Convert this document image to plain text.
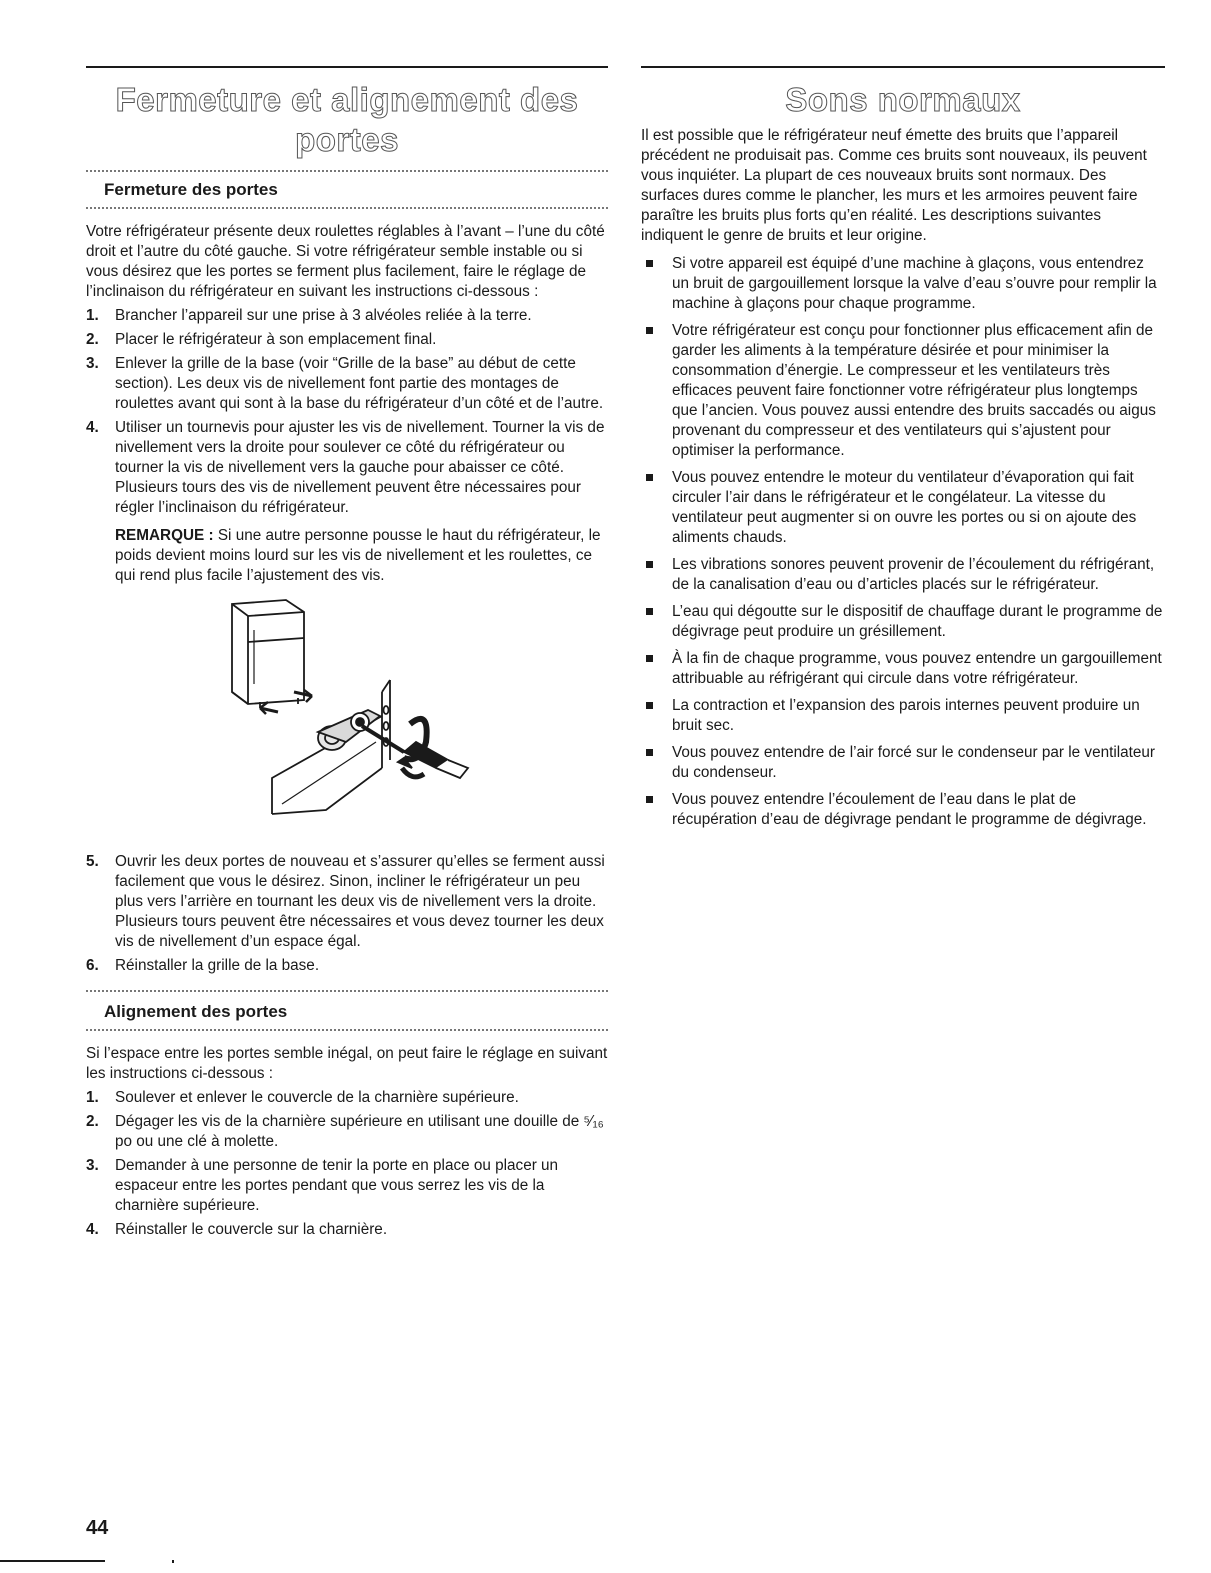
Fermeture et alignement des portes
Fermeture des portes

Votre réfrigérateur présente deux roulettes réglables à l’avant – l’une du côté droit et l’autre du côté gauche. Si votre réfrigérateur semble instable ou si vous désirez que les portes se ferment plus facilement, faire le réglage de l’inclinaison du réfrigérateur en suivant les instructions ci-dessous :

1. Brancher l’appareil sur une prise à 3 alvéoles reliée à la terre.
2. Placer le réfrigérateur à son emplacement final.
3. Enlever la grille de la base (voir “Grille de la base” au début de cette section). Les deux vis de nivellement font partie des montages de roulettes avant qui sont à la base du réfrigérateur d’un côté et de l’autre.
4. Utiliser un tournevis pour ajuster les vis de nivellement. Tourner la vis de nivellement vers la droite pour soulever ce côté du réfrigérateur ou tourner la vis de nivellement vers la gauche pour abaisser ce côté. Plusieurs tours des vis de nivellement peuvent être nécessaires pour régler l’inclinaison du réfrigérateur.
REMARQUE : Si une autre personne pousse le haut du réfrigérateur, le poids devient moins lourd sur les vis de nivellement et les roulettes, ce qui rend plus facile l’ajustement des vis.
5. Ouvrir les deux portes de nouveau et s’assurer qu’elles se ferment aussi facilement que vous le désirez. Sinon, incliner le réfrigérateur un peu plus vers l’arrière en tournant les deux vis de nivellement vers la droite. Plusieurs tours peuvent être nécessaires et vous devez tourner les deux vis de nivellement d’un espace égal.
6. Réinstaller la grille de la base.
Alignement des portes

Si l’espace entre les portes semble inégal, on peut faire le réglage en suivant les instructions ci-dessous :

1. Soulever et enlever le couvercle de la charnière supérieure.
2. Dégager les vis de la charnière supérieure en utilisant une douille de ⁵⁄₁₆ po ou une clé à molette.
3. Demander à une personne de tenir la porte en place ou placer un espaceur entre les portes pendant que vous serrez les vis de la charnière supérieure.
4. Réinstaller le couvercle sur la charnière.
Sons normaux

Il est possible que le réfrigérateur neuf émette des bruits que l’appareil précédent ne produisait pas. Comme ces bruits sont nouveaux, ils peuvent vous inquiéter. La plupart de ces nouveaux bruits sont normaux. Des surfaces dures comme le plancher, les murs et les armoires peuvent faire paraître les bruits plus forts qu’en réalité. Les descriptions suivantes indiquent le genre de bruits et leur origine.

Si votre appareil est équipé d’une machine à glaçons, vous entendrez un bruit de gargouillement lorsque la valve d’eau s’ouvre pour remplir la machine à glaçons pour chaque programme.
Votre réfrigérateur est conçu pour fonctionner plus efficacement afin de garder les aliments à la température désirée et pour minimiser la consommation d’énergie. Le compresseur et les ventilateurs très efficaces peuvent faire fonctionner votre réfrigérateur plus longtemps que l’ancien. Vous pouvez aussi entendre des bruits saccadés ou aigus provenant du compresseur et des ventilateurs qui s’ajustent pour optimiser la performance.
Vous pouvez entendre le moteur du ventilateur d’évaporation qui fait circuler l’air dans le réfrigérateur et le congélateur. La vitesse du ventilateur peut augmenter si on ouvre les portes ou si on ajoute des aliments chauds.
Les vibrations sonores peuvent provenir de l’écoulement du réfrigérant, de la canalisation d’eau ou d’articles placés sur le réfrigérateur.
L’eau qui dégoutte sur le dispositif de chauffage durant le programme de dégivrage peut produire un grésillement.
À la fin de chaque programme, vous pouvez entendre un gargouillement attribuable au réfrigérant qui circule dans votre réfrigérateur.
La contraction et l’expansion des parois internes peuvent produire un bruit sec.
Vous pouvez entendre de l’air forcé sur le condenseur par le ventilateur du condenseur.
Vous pouvez entendre l’écoulement de l’eau dans le plat de récupération d’eau de dégivrage pendant le programme de dégivrage.
44
